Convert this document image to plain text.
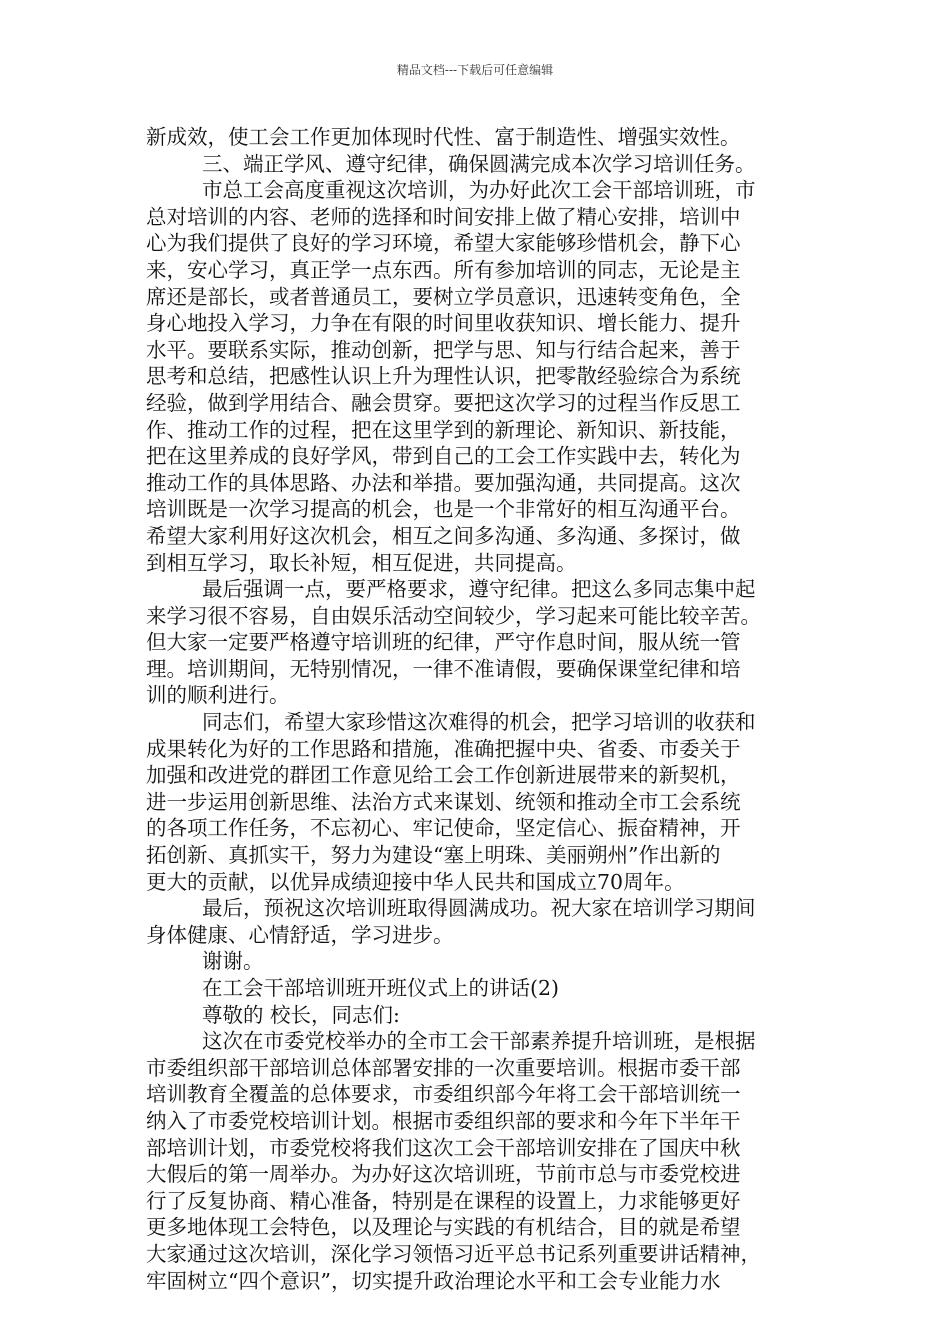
精品文档---下载后可任意编辑
新成效，使工会工作更加体现时代性、富于制造性、增强实效性。
三、端正学风、遵守纪律，确保圆满完成本次学习培训任务。
市总工会高度重视这次培训，为办好此次工会干部培训班，市
总对培训的内容、老师的选择和时间安排上做了精心安排，培训中
心为我们提供了良好的学习环境，希望大家能够珍惜机会，静下心
来，安心学习，真正学一点东西。所有参加培训的同志，无论是主
席还是部长，或者普通员工，要树立学员意识，迅速转变角色，全
身心地投入学习，力争在有限的时间里收获知识、增长能力、提升
水平。要联系实际，推动创新，把学与思、知与行结合起来，善于
思考和总结，把感性认识上升为理性认识，把零散经验综合为系统
经验，做到学用结合、融会贯穿。要把这次学习的过程当作反思工
作、推动工作的过程，把在这里学到的新理论、新知识、新技能，
把在这里养成的良好学风，带到自己的工会工作实践中去，转化为
推动工作的具体思路、办法和举措。要加强沟通，共同提高。这次
培训既是一次学习提高的机会，也是一个非常好的相互沟通平台。
希望大家利用好这次机会，相互之间多沟通、多沟通、多探讨，做
到相互学习，取长补短，相互促进，共同提高。
最后强调一点，要严格要求，遵守纪律。把这么多同志集中起
来学习很不容易，自由娱乐活动空间较少，学习起来可能比较辛苦。
但大家一定要严格遵守培训班的纪律，严守作息时间，服从统一管
理。培训期间，无特别情况，一律不准请假，要确保课堂纪律和培
训的顺利进行。
同志们，希望大家珍惜这次难得的机会，把学习培训的收获和
成果转化为好的工作思路和措施，准确把握中央、省委、市委关于
加强和改进党的群团工作意见给工会工作创新进展带来的新契机，
进一步运用创新思维、法治方式来谋划、统领和推动全市工会系统
的各项工作任务，不忘初心、牢记使命，坚定信心、振奋精神，开
拓创新、真抓实干，努力为建设“塞上明珠、美丽朔州”作出新的
更大的贡献，以优异成绩迎接中华人民共和国成立70周年。
最后，预祝这次培训班取得圆满成功。祝大家在培训学习期间
身体健康、心情舒适，学习进步。
谢谢。
在工会干部培训班开班仪式上的讲话(2)
尊敬的 校长，同志们:
这次在市委党校举办的全市工会干部素养提升培训班，是根据
市委组织部干部培训总体部署安排的一次重要培训。根据市委干部
培训教育全覆盖的总体要求，市委组织部今年将工会干部培训统一
纳入了市委党校培训计划。根据市委组织部的要求和今年下半年干
部培训计划，市委党校将我们这次工会干部培训安排在了国庆中秋
大假后的第一周举办。为办好这次培训班，节前市总与市委党校进
行了反复协商、精心准备，特别是在课程的设置上，力求能够更好
更多地体现工会特色，以及理论与实践的有机结合，目的就是希望
大家通过这次培训，深化学习领悟习近平总书记系列重要讲话精神，
牢固树立“四个意识”，切实提升政治理论水平和工会专业能力水
